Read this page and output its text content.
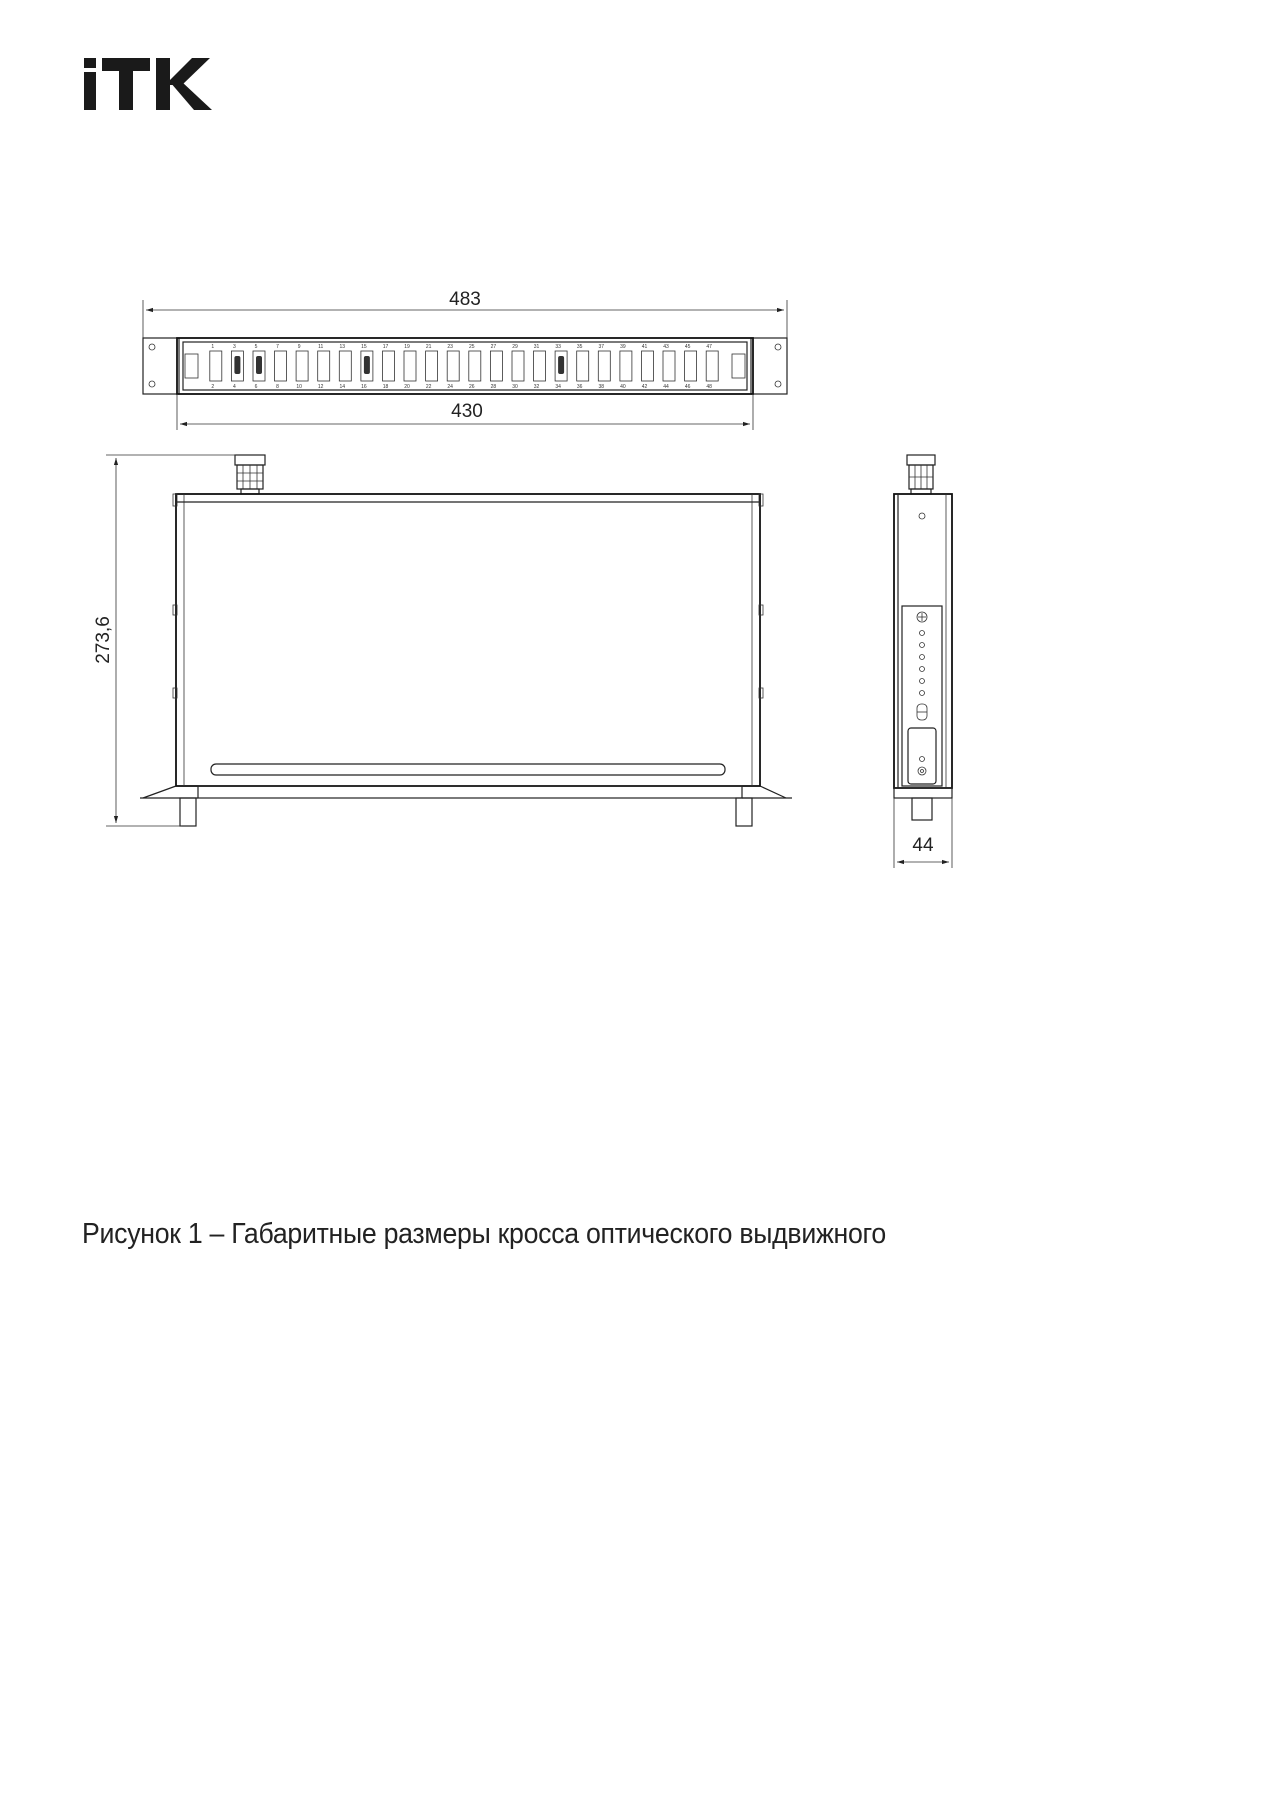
483
1	3	5	7	9	11	13	15	17	19	21	23	25	27	29	31	33	35	37	39	41	43	45	47
2	4	6	8	10	12	14	16	18	20	22	24	26	28	30	32	34	36	38	40	42	44	46	48
430
273,6
44
Рисунок 1 – Габаритные размеры кросса оптического выдвижного
